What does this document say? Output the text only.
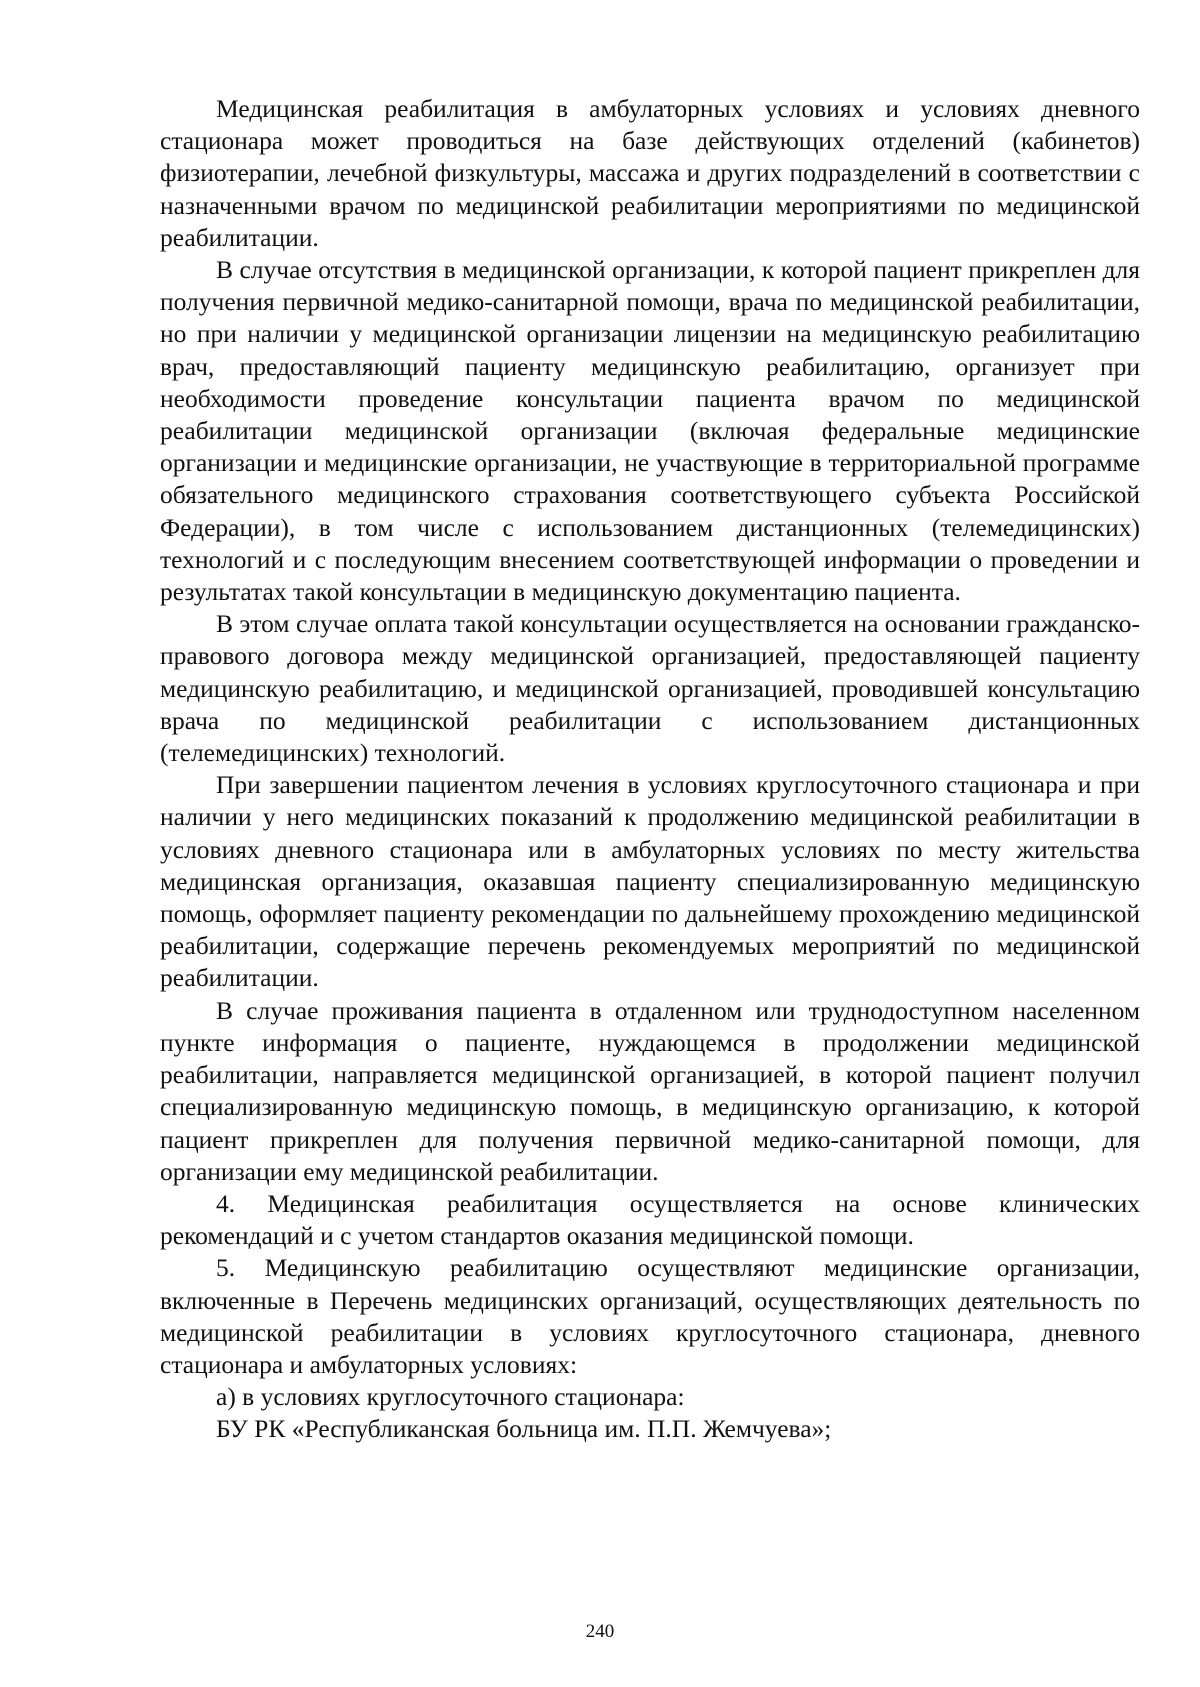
Медицинская реабилитация в амбулаторных условиях и условиях дневного стационара может проводиться на базе действующих отделений (кабинетов) физиотерапии, лечебной физкультуры, массажа и других подразделений в соответствии с назначенными врачом по медицинской реабилитации мероприятиями по медицинской реабилитации.

В случае отсутствия в медицинской организации, к которой пациент прикреплен для получения первичной медико-санитарной помощи, врача по медицинской реабилитации, но при наличии у медицинской организации лицензии на медицинскую реабилитацию врач, предоставляющий пациенту медицинскую реабилитацию, организует при необходимости проведение консультации пациента врачом по медицинской реабилитации медицинской организации (включая федеральные медицинские организации и медицинские организации, не участвующие в территориальной программе обязательного медицинского страхования соответствующего субъекта Российской Федерации), в том числе с использованием дистанционных (телемедицинских) технологий и с последующим внесением соответствующей информации о проведении и результатах такой консультации в медицинскую документацию пациента.

В этом случае оплата такой консультации осуществляется на основании гражданско-правового договора между медицинской организацией, предоставляющей пациенту медицинскую реабилитацию, и медицинской организацией, проводившей консультацию врача по медицинской реабилитации с использованием дистанционных (телемедицинских) технологий.

При завершении пациентом лечения в условиях круглосуточного стационара и при наличии у него медицинских показаний к продолжению медицинской реабилитации в условиях дневного стационара или в амбулаторных условиях по месту жительства медицинская организация, оказавшая пациенту специализированную медицинскую помощь, оформляет пациенту рекомендации по дальнейшему прохождению медицинской реабилитации, содержащие перечень рекомендуемых мероприятий по медицинской реабилитации.

В случае проживания пациента в отдаленном или труднодоступном населенном пункте информация о пациенте, нуждающемся в продолжении медицинской реабилитации, направляется медицинской организацией, в которой пациент получил специализированную медицинскую помощь, в медицинскую организацию, к которой пациент прикреплен для получения первичной медико-санитарной помощи, для организации ему медицинской реабилитации.

4. Медицинская реабилитация осуществляется на основе клинических рекомендаций и с учетом стандартов оказания медицинской помощи.

5. Медицинскую реабилитацию осуществляют медицинские организации, включенные в Перечень медицинских организаций, осуществляющих деятельность по медицинской реабилитации в условиях круглосуточного стационара, дневного стационара и амбулаторных условиях:

а) в условиях круглосуточного стационара:

БУ РК «Республиканская больница им. П.П. Жемчуева»;

240
